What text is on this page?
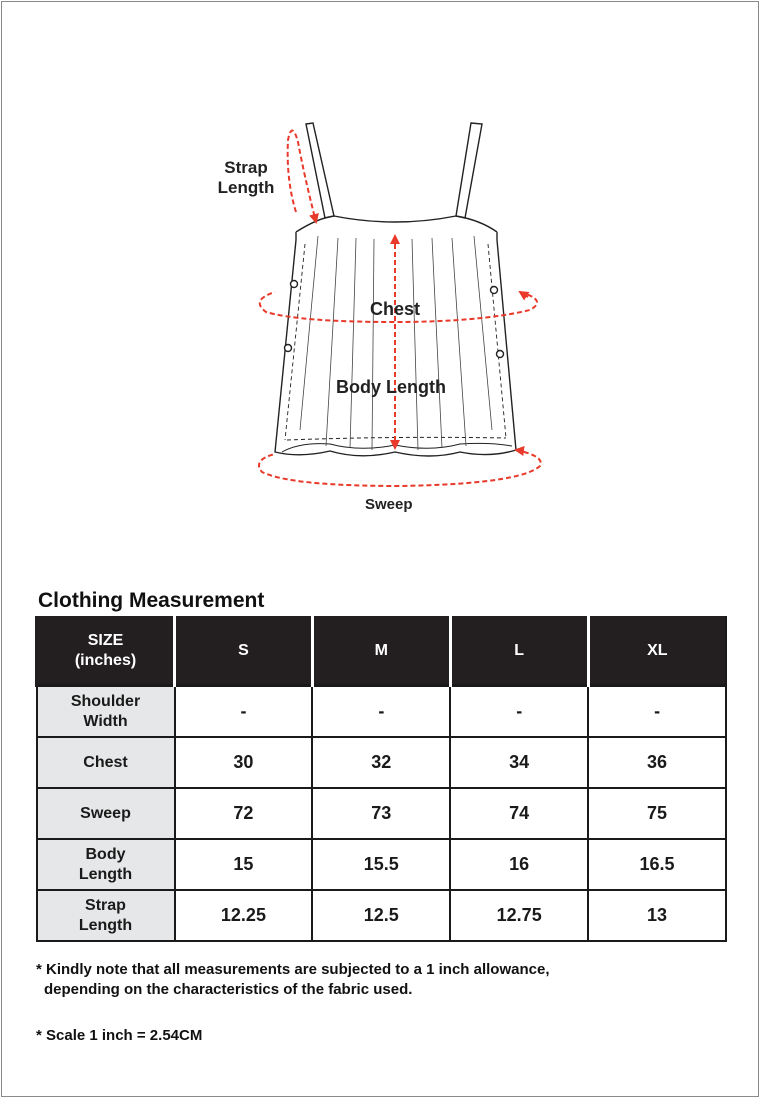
Strap
Length
Chest
Body Length
Sweep
Clothing Measurement
SIZE
(inches)	S	M	L	XL

Shoulder
Width	-	-	-	-

Chest	30	32	34	36

Sweep	72	73	74	75

Body
Length	15	15.5	16	16.5

Strap
Length	12.25	12.5	12.75	13
* Kindly note that all measurements are subjected to a 1 inch allowance,
depending on the characteristics of the fabric used.
* Scale 1 inch = 2.54CM
